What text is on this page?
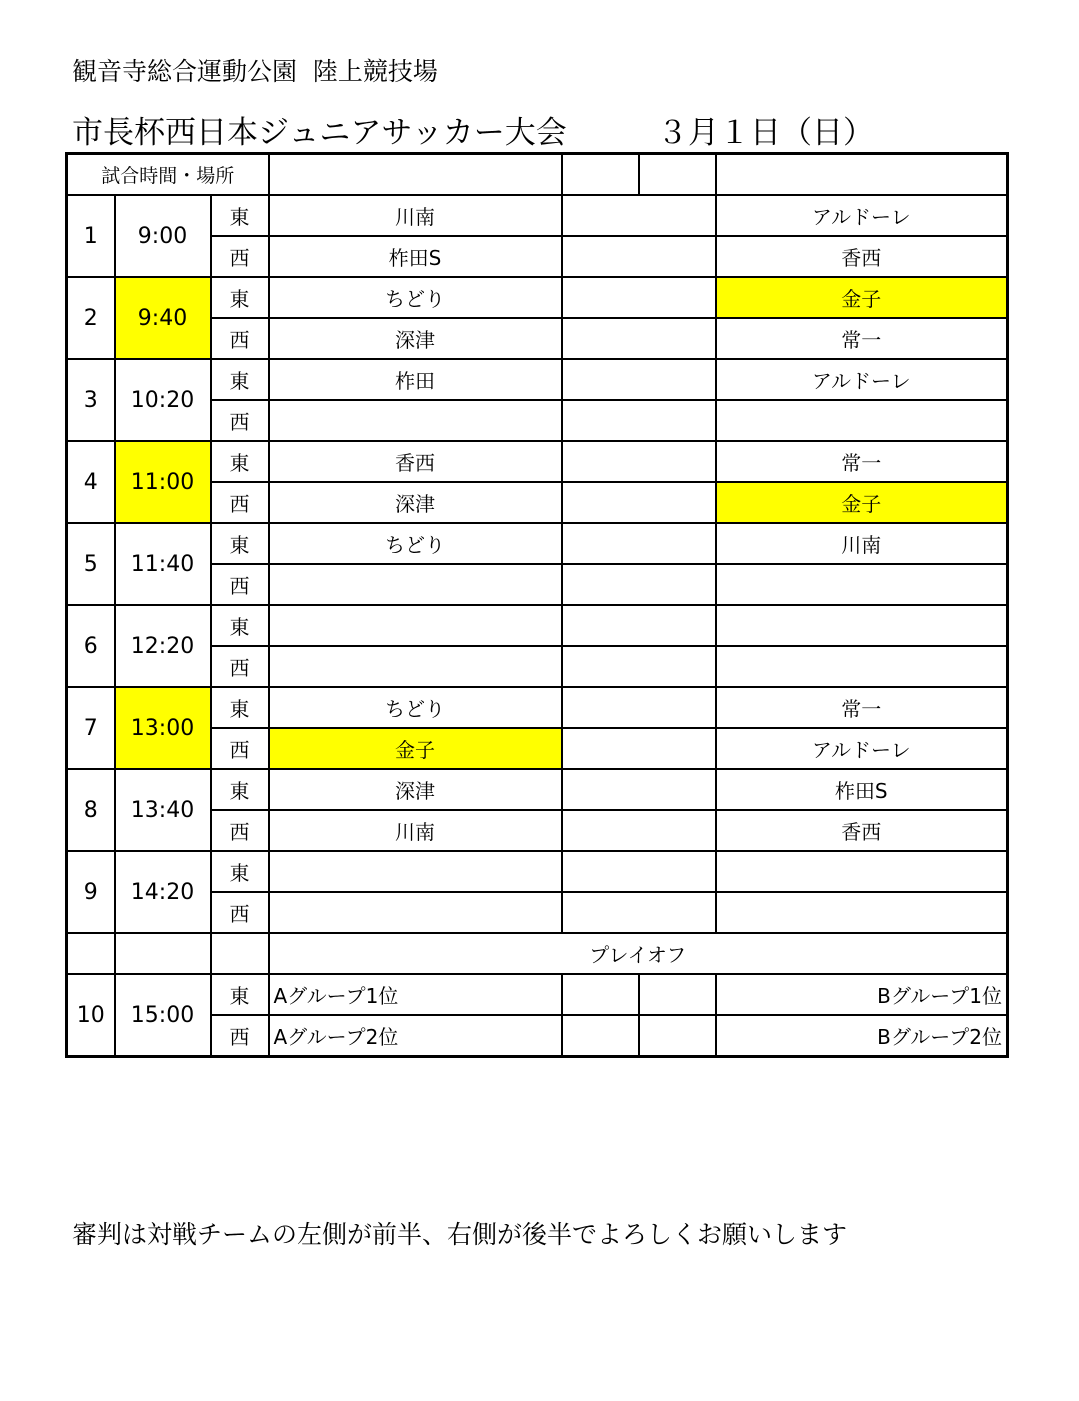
観音寺総合運動公園  陸上競技場
市長杯西日本ジュニアサッカー大会	３月１日（日）
試合時間・場所						
1	9:00	東	川南			アルドーレ
		西	柞田S			香西
2	9:40	東	ちどり			金子
		西	深津			常一
3	10:20	東	柞田			アルドーレ
		西				
4	11:00	東	香西			常一
		西	深津			金子
5	11:40	東	ちどり			川南
		西				
6	12:20	東				
		西				
7	13:00	東	ちどり			常一
		西	金子			アルドーレ
8	13:40	東	深津			柞田S
		西	川南			香西
9	14:20	東				
		西				
			プレイオフ			
10	15:00	東	Aグループ1位			Bグループ1位
		西	Aグループ2位			Bグループ2位
審判は対戦チームの左側が前半、右側が後半でよろしくお願いします
